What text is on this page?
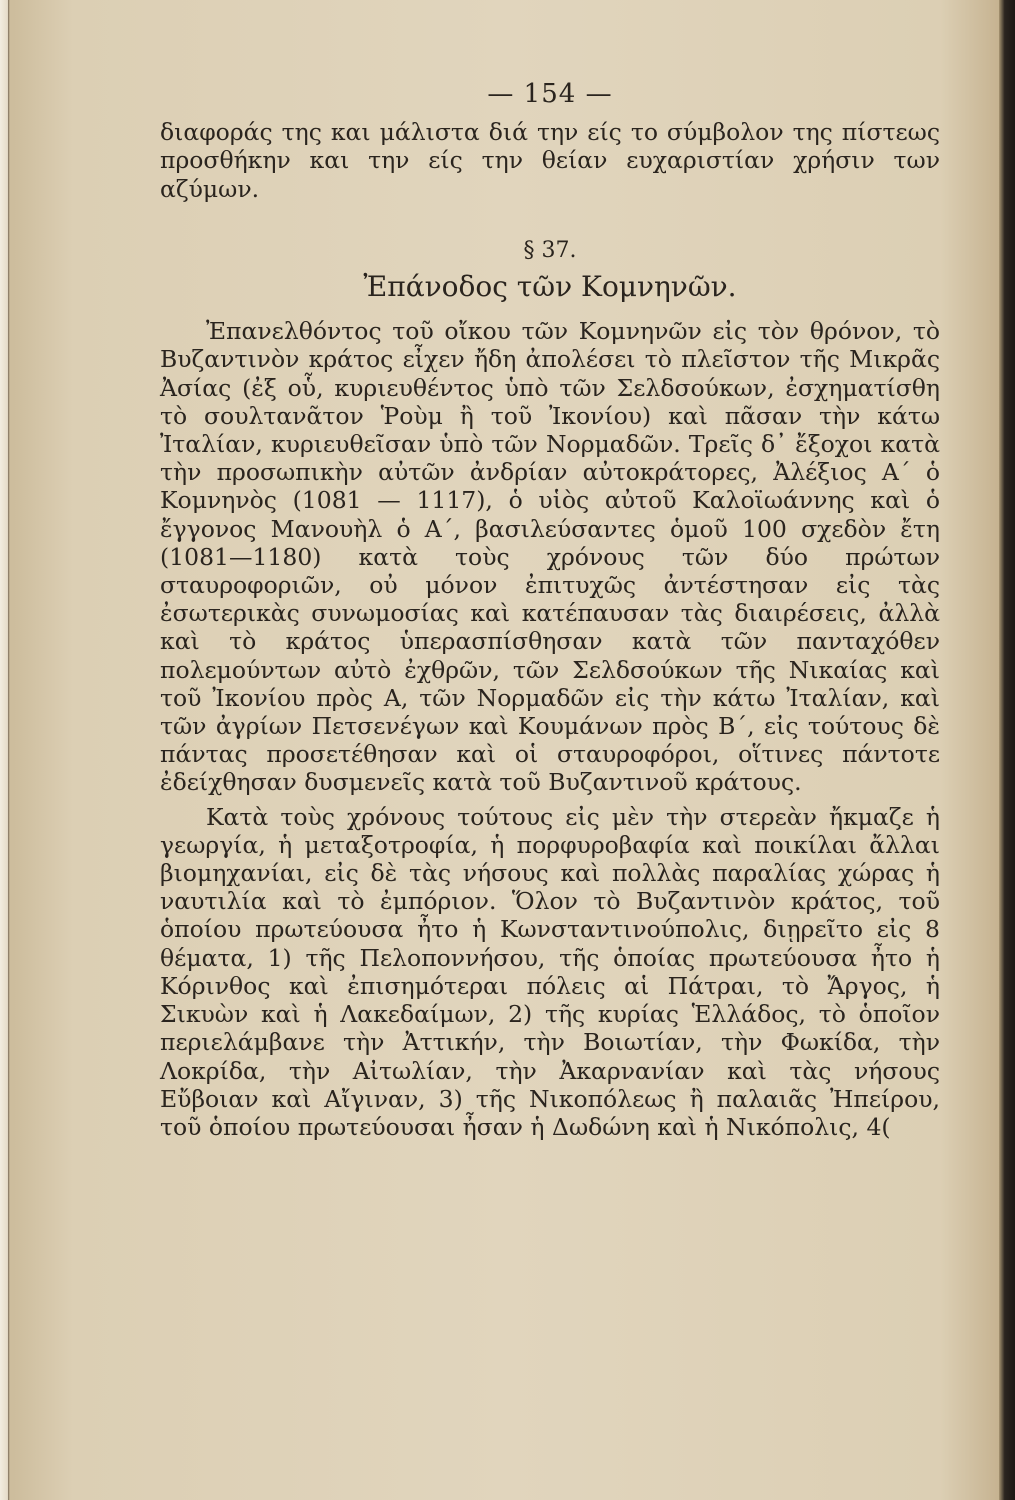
— 154 —

διαφοράς της και μάλιστα διά την είς το σύμβολον της πίστεως προσθήκην και την είς την θείαν ευχαριστίαν χρήσιν των αζύμων.

§ 37.
Ἐπάνοδος τῶν Κομνηνῶν.

Ἐπανελθόντος τοῦ οἴκου τῶν Κομνηνῶν εἰς τὸν θρόνον, τὸ Βυζαντινὸν κράτος εἶχεν ἤδη ἀπολέσει τὸ πλεῖστον τῆς Μικρᾶς Ἀσίας (ἐξ οὗ, κυριευθέντος ὑπὸ τῶν Σελδσούκων, ἐσχηματίσθη τὸ σουλτανᾶτον Ῥοὺμ ἢ τοῦ Ἰκονίου) καὶ πᾶσαν τὴν κάτω Ἰταλίαν, κυριευθεῖσαν ὑπὸ τῶν Νορμαδῶν. Τρεῖς δ᾽ ἔξοχοι κατὰ τὴν προσωπικὴν αὐτῶν ἀνδρίαν αὐτοκράτορες, Ἀλέξιος Α´ ὁ Κομνηνὸς (1081 — 1117), ὁ υἱὸς αὐτοῦ Καλοϊωάννης καὶ ὁ ἔγγονος Μανουὴλ ὁ Α´, βασιλεύσαντες ὁμοῦ 100 σχεδὸν ἔτη (1081—1180) κατὰ τοὺς χρόνους τῶν δύο πρώτων σταυροφοριῶν, οὐ μόνον ἐπιτυχῶς ἀντέστησαν εἰς τὰς ἐσωτερικὰς συνωμοσίας καὶ κατέπαυσαν τὰς διαιρέσεις, ἀλλὰ καὶ τὸ κράτος ὑπερασπίσθησαν κατὰ τῶν πανταχόθεν πολεμούντων αὐτὸ ἐχθρῶν, τῶν Σελδσούκων τῆς Νικαίας καὶ τοῦ Ἰκονίου πρὸς Α, τῶν Νορμαδῶν εἰς τὴν κάτω Ἰταλίαν, καὶ τῶν ἀγρίων Πετσενέγων καὶ Κουμάνων πρὸς Β´, εἰς τούτους δὲ πάντας προσετέθησαν καὶ οἱ σταυροφόροι, οἵτινες πάντοτε ἐδείχθησαν δυσμενεῖς κατὰ τοῦ Βυζαντινοῦ κράτους.

Κατὰ τοὺς χρόνους τούτους εἰς μὲν τὴν στερεὰν ἤκμαζε ἡ γεωργία, ἡ μεταξοτροφία, ἡ πορφυροβαφία καὶ ποικίλαι ἄλλαι βιομηχανίαι, εἰς δὲ τὰς νήσους καὶ πολλὰς παραλίας χώρας ἡ ναυτιλία καὶ τὸ ἐμπόριον. Ὅλον τὸ Βυζαντινὸν κράτος, τοῦ ὁποίου πρωτεύουσα ἦτο ἡ Κωνσταντινούπολις, διῃρεῖτο εἰς 8 θέματα, 1) τῆς Πελοποννήσου, τῆς ὁποίας πρωτεύουσα ἦτο ἡ Κόρινθος καὶ ἐπισημότεραι πόλεις αἱ Πάτραι, τὸ Ἄργος, ἡ Σικυὼν καὶ ἡ Λακεδαίμων, 2) τῆς κυρίας Ἑλλάδος, τὸ ὁποῖον περιελάμβανε τὴν Ἀττικήν, τὴν Βοιωτίαν, τὴν Φωκίδα, τὴν Λοκρίδα, τὴν Αἰτωλίαν, τὴν Ἀκαρνανίαν καὶ τὰς νήσους Εὔβοιαν καὶ Αἴγιναν, 3) τῆς Νικοπόλεως ἢ παλαιᾶς Ἠπείρου, τοῦ ὁποίου πρωτεύουσαι ἦσαν ἡ Δωδώνη καὶ ἡ Νικόπολις, 4(
